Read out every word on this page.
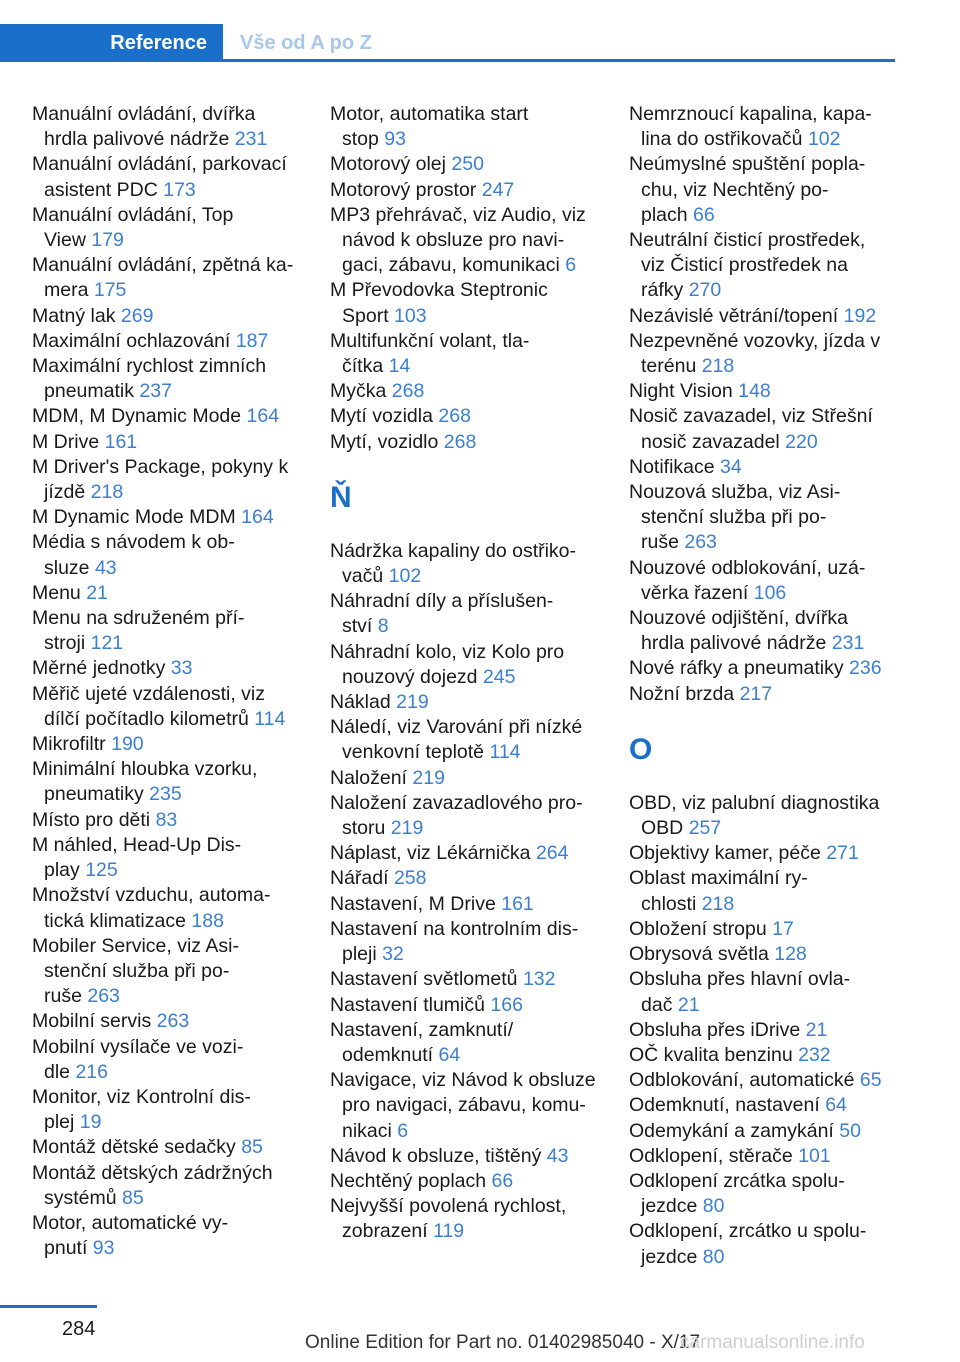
Reference	Vše od A po Z
Manuální ovládání, dvířka
hrdla palivové nádrže 231
Manuální ovládání, parkovací
asistent PDC 173
Manuální ovládání, Top
View 179
Manuální ovládání, zpětná ka-
mera 175
Matný lak 269
Maximální ochlazování 187
Maximální rychlost zimních
pneumatik 237
MDM, M Dynamic Mode 164
M Drive 161
M Driver's Package, pokyny k
jízdě 218
M Dynamic Mode MDM 164
Média s návodem k ob-
sluze 43
Menu 21
Menu na sdruženém pří-
stroji 121
Měrné jednotky 33
Měřič ujeté vzdálenosti, viz
dílčí počítadlo kilometrů 114
Mikrofiltr 190
Minimální hloubka vzorku,
pneumatiky 235
Místo pro děti 83
M náhled, Head-Up Dis-
play 125
Množství vzduchu, automa-
tická klimatizace 188
Mobiler Service, viz Asi-
stenční služba při po-
ruše 263
Mobilní servis 263
Mobilní vysílače ve vozi-
dle 216
Monitor, viz Kontrolní dis-
plej 19
Montáž dětské sedačky 85
Montáž dětských zádržných
systémů 85
Motor, automatické vy-
pnutí 93
Motor, automatika start
stop 93
Motorový olej 250
Motorový prostor 247
MP3 přehrávač, viz Audio, viz
návod k obsluze pro navi-
gaci, zábavu, komunikaci 6
M Převodovka Steptronic
Sport 103
Multifunkční volant, tla-
čítka 14
Myčka 268
Mytí vozidla 268
Mytí, vozidlo 268
Ň
Nádržka kapaliny do ostřiko-
vačů 102
Náhradní díly a příslušen-
ství 8
Náhradní kolo, viz Kolo pro
nouzový dojezd 245
Náklad 219
Náledí, viz Varování při nízké
venkovní teplotě 114
Naložení 219
Naložení zavazadlového pro-
storu 219
Náplast, viz Lékárnička 264
Nářadí 258
Nastavení, M Drive 161
Nastavení na kontrolním dis-
pleji 32
Nastavení světlometů 132
Nastavení tlumičů 166
Nastavení, zamknutí/
odemknutí 64
Navigace, viz Návod k obsluze
pro navigaci, zábavu, komu-
nikaci 6
Návod k obsluze, tištěný 43
Nechtěný poplach 66
Nejvyšší povolená rychlost,
zobrazení 119
Nemrznoucí kapalina, kapa-
lina do ostřikovačů 102
Neúmyslné spuštění popla-
chu, viz Nechtěný po-
plach 66
Neutrální čisticí prostředek,
viz Čisticí prostředek na
ráfky 270
Nezávislé větrání/topení 192
Nezpevněné vozovky, jízda v
terénu 218
Night Vision 148
Nosič zavazadel, viz Střešní
nosič zavazadel 220
Notifikace 34
Nouzová služba, viz Asi-
stenční služba při po-
ruše 263
Nouzové odblokování, uzá-
věrka řazení 106
Nouzové odjištění, dvířka
hrdla palivové nádrže 231
Nové ráfky a pneumatiky 236
Nožní brzda 217
O
OBD, viz palubní diagnostika
OBD 257
Objektivy kamer, péče 271
Oblast maximální ry-
chlosti 218
Obložení stropu 17
Obrysová světla 128
Obsluha přes hlavní ovla-
dač 21
Obsluha přes iDrive 21
OČ kvalita benzinu 232
Odblokování, automatické 65
Odemknutí, nastavení 64
Odemykání a zamykání 50
Odklopení, stěrače 101
Odklopení zrcátka spolu-
jezdce 80
Odklopení, zrcátko u spolu-
jezdce 80
284
Online Edition for Part no. 01402985040 - X/17
carmanualsonline.info
